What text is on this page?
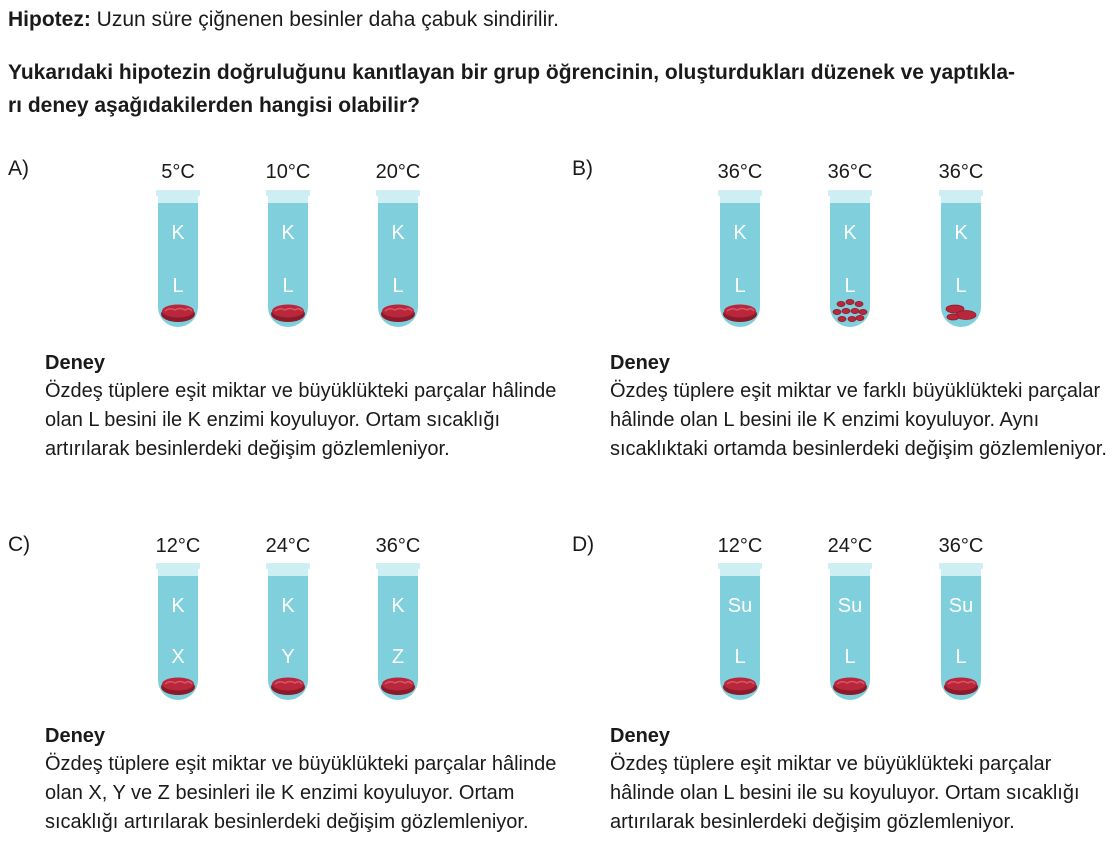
Hipotez: Uzun süre çiğnenen besinler daha çabuk sindirilir.
Yukarıdaki hipotezin doğruluğunu kanıtlayan bir grup öğrencinin, oluşturdukları düzenek ve yaptıkla-
rı deney aşağıdakilerden hangisi olabilir?
A)	5°C	10°C	20°C
K
L
K
L
K
L
Deney
Özdeş tüplere eşit miktar ve büyüklükteki parçalar hâlinde
olan L besini ile K enzimi koyuluyor. Ortam sıcaklığı
artırılarak besinlerdeki değişim gözlemleniyor.
B)	36°C	36°C	36°C
K
L
K
L
K
L
Deney
Özdeş tüplere eşit miktar ve farklı büyüklükteki parçalar
hâlinde olan L besini ile K enzimi koyuluyor. Aynı
sıcaklıktaki ortamda besinlerdeki değişim gözlemleniyor.
C)	12°C	24°C	36°C
K
X
K
Y
K
Z
Deney
Özdeş tüplere eşit miktar ve büyüklükteki parçalar hâlinde
olan X, Y ve Z besinleri ile K enzimi koyuluyor. Ortam
sıcaklığı artırılarak besinlerdeki değişim gözlemleniyor.
D)	12°C	24°C	36°C
Su
L
Su
L
Su
L
Deney
Özdeş tüplere eşit miktar ve büyüklükteki parçalar
hâlinde olan L besini ile su koyuluyor. Ortam sıcaklığı
artırılarak besinlerdeki değişim gözlemleniyor.
